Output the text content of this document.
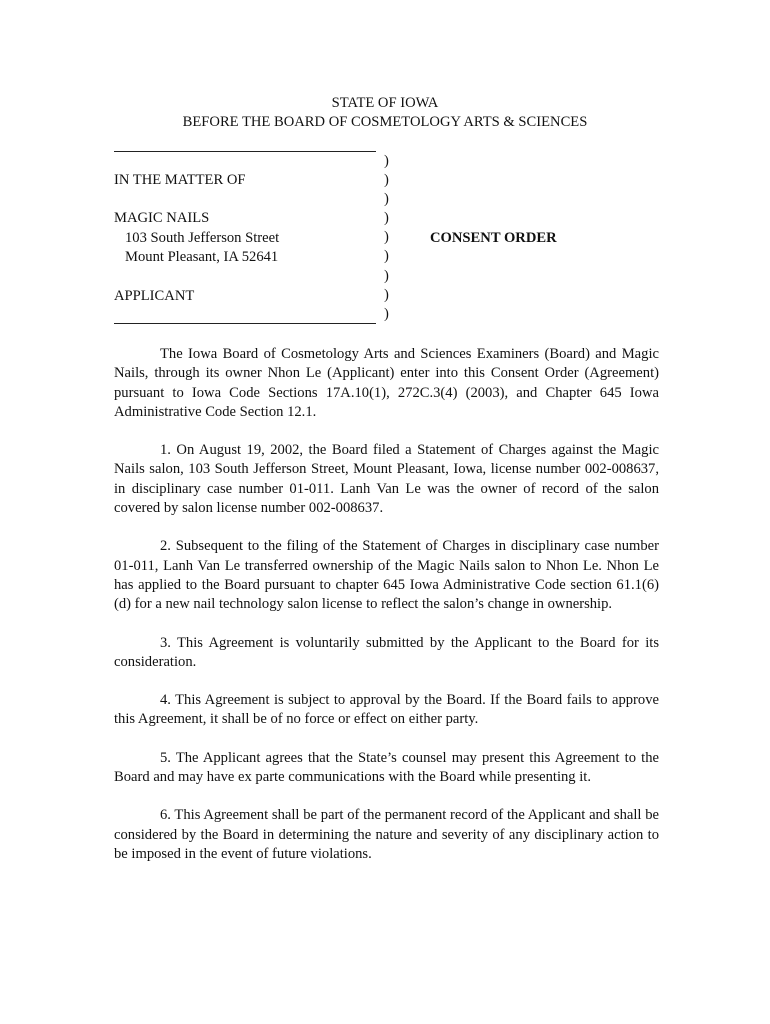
STATE OF IOWA
BEFORE THE BOARD OF COSMETOLOGY ARTS & SCIENCES
IN THE MATTER OF
MAGIC NAILS
103 South Jefferson Street
Mount Pleasant, IA 52641
APPLICANT
)
)
)
)
)
)
)
)
)
CONSENT ORDER

The Iowa Board of Cosmetology Arts and Sciences Examiners (Board) and Magic Nails, through its owner Nhon Le (Applicant) enter into this Consent Order (Agreement) pursuant to Iowa Code Sections 17A.10(1), 272C.3(4) (2003), and Chapter 645 Iowa Administrative Code Section 12.1.

1. On August 19, 2002, the Board filed a Statement of Charges against the Magic Nails salon, 103 South Jefferson Street, Mount Pleasant, Iowa, license number 002-008637, in disciplinary case number 01-011. Lanh Van Le was the owner of record of the salon covered by salon license number 002-008637.

2. Subsequent to the filing of the Statement of Charges in disciplinary case number 01-011, Lanh Van Le transferred ownership of the Magic Nails salon to Nhon Le. Nhon Le has applied to the Board pursuant to chapter 645 Iowa Administrative Code section 61.1(6)(d) for a new nail technology salon license to reflect the salon’s change in ownership.

3. This Agreement is voluntarily submitted by the Applicant to the Board for its consideration.

4. This Agreement is subject to approval by the Board. If the Board fails to approve this Agreement, it shall be of no force or effect on either party.

5. The Applicant agrees that the State’s counsel may present this Agreement to the Board and may have ex parte communications with the Board while presenting it.

6. This Agreement shall be part of the permanent record of the Applicant and shall be considered by the Board in determining the nature and severity of any disciplinary action to be imposed in the event of future violations.
